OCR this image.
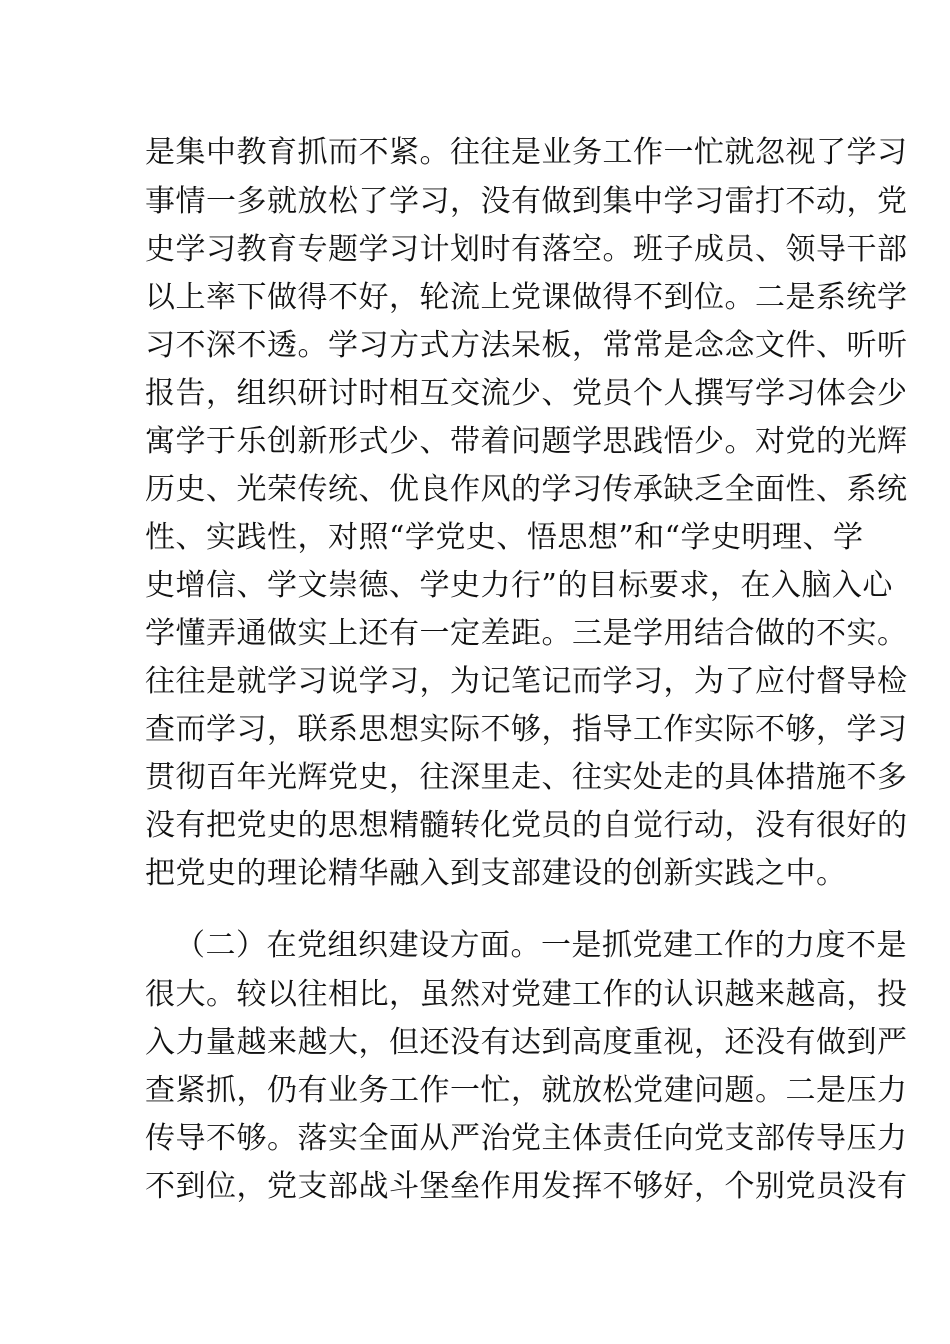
是集中教育抓而不紧。往往是业务工作一忙就忽视了学习
事情一多就放松了学习，没有做到集中学习雷打不动，党
史学习教育专题学习计划时有落空。班子成员、领导干部
以上率下做得不好，轮流上党课做得不到位。二是系统学
习不深不透。学习方式方法呆板，常常是念念文件、听听
报告，组织研讨时相互交流少、党员个人撰写学习体会少
寓学于乐创新形式少、带着问题学思践悟少。对党的光辉
历史、光荣传统、优良作风的学习传承缺乏全面性、系统
性、实践性，对照“学党史、悟思想”和“学史明理、学
史增信、学文崇德、学史力行”的目标要求，在入脑入心
学懂弄通做实上还有一定差距。三是学用结合做的不实。
往往是就学习说学习，为记笔记而学习，为了应付督导检
查而学习，联系思想实际不够，指导工作实际不够，学习
贯彻百年光辉党史，往深里走、往实处走的具体措施不多
没有把党史的思想精髓转化党员的自觉行动，没有很好的
把党史的理论精华融入到支部建设的创新实践之中。
（二）在党组织建设方面。一是抓党建工作的力度不是
很大。较以往相比，虽然对党建工作的认识越来越高，投
入力量越来越大，但还没有达到高度重视，还没有做到严
查紧抓，仍有业务工作一忙，就放松党建问题。二是压力
传导不够。落实全面从严治党主体责任向党支部传导压力
不到位，党支部战斗堡垒作用发挥不够好，个别党员没有
